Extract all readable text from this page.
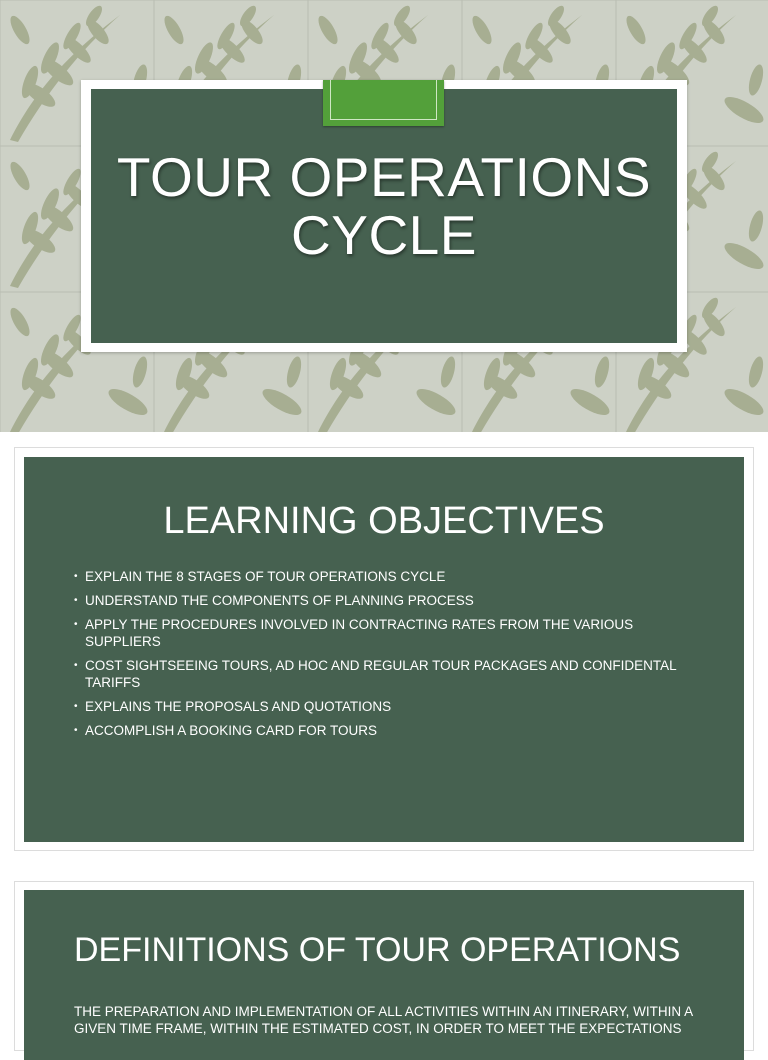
TOUR OPERATIONS CYCLE
LEARNING OBJECTIVES
• EXPLAIN THE 8 STAGES OF TOUR OPERATIONS CYCLE
• UNDERSTAND THE COMPONENTS OF PLANNING PROCESS
• APPLY THE PROCEDURES INVOLVED IN CONTRACTING RATES FROM THE VARIOUS SUPPLIERS
• COST SIGHTSEEING TOURS, AD HOC AND REGULAR TOUR PACKAGES AND CONFIDENTAL TARIFFS
• EXPLAINS THE PROPOSALS AND QUOTATIONS
• ACCOMPLISH A BOOKING CARD FOR TOURS
DEFINITIONS OF TOUR OPERATIONS

THE PREPARATION AND IMPLEMENTATION OF ALL ACTIVITIES WITHIN AN ITINERARY, WITHIN A GIVEN TIME FRAME, WITHIN THE ESTIMATED COST, IN ORDER TO MEET THE EXPECTATIONS
